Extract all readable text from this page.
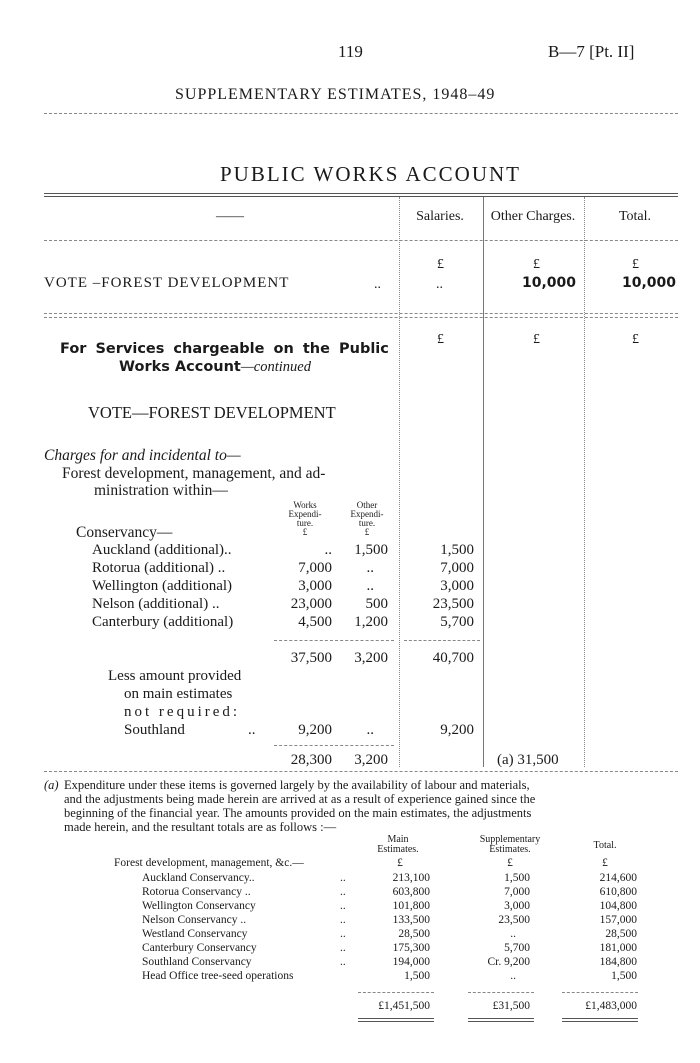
119	B—7 [Pt. II]
SUPPLEMENTARY ESTIMATES, 1948–49
PUBLIC WORKS ACCOUNT
——	Salaries.	Other Charges.	Total.
£	£	£
VOTE –FOREST DEVELOPMENT	..	..	10,000	10,000
£	£	£
For Services chargeable on the Public
Works Account—continued
VOTE—FOREST DEVELOPMENT
Charges for and incidental to—
Forest development, management, and ad-
ministration within—
Works
Expendi-
ture.
£
Other
Expendi-
ture.
£
Conservancy—
Auckland (additional)..	..	1,500	1,500
Rotorua (additional) ..	7,000	..	7,000
Wellington (additional)	3,000	..	3,000
Nelson (additional) ..	23,000	500	23,500
Canterbury (additional)	4,500	1,200	5,700
37,500	3,200	40,700
Less amount provided
on main estimates
not required:
Southland	..	9,200	..	9,200
28,300	3,200	(a) 31,500
(a) Expenditure under these items is governed largely by the availability of labour and materials,
and the adjustments being made herein are arrived at as a result of experience gained since the
beginning of the financial year. The amounts provided on the main estimates, the adjustments
made herein, and the resultant totals are as follows :—
Main
Estimates.
Supplementary
Estimates.	Total.
Forest development, management, &c.—	£	£	£
Auckland Conservancy..	..	213,100	1,500	214,600
Rotorua Conservancy ..	..	603,800	7,000	610,800
Wellington Conservancy	..	101,800	3,000	104,800
Nelson Conservancy ..	..	133,500	23,500	157,000
Westland Conservancy	..	28,500	..	28,500
Canterbury Conservancy	..	175,300	5,700	181,000
Southland Conservancy	..	194,000	Cr. 9,200	184,800
Head Office tree-seed operations	1,500	..	1,500
£1,451,500	£31,500	£1,483,000
